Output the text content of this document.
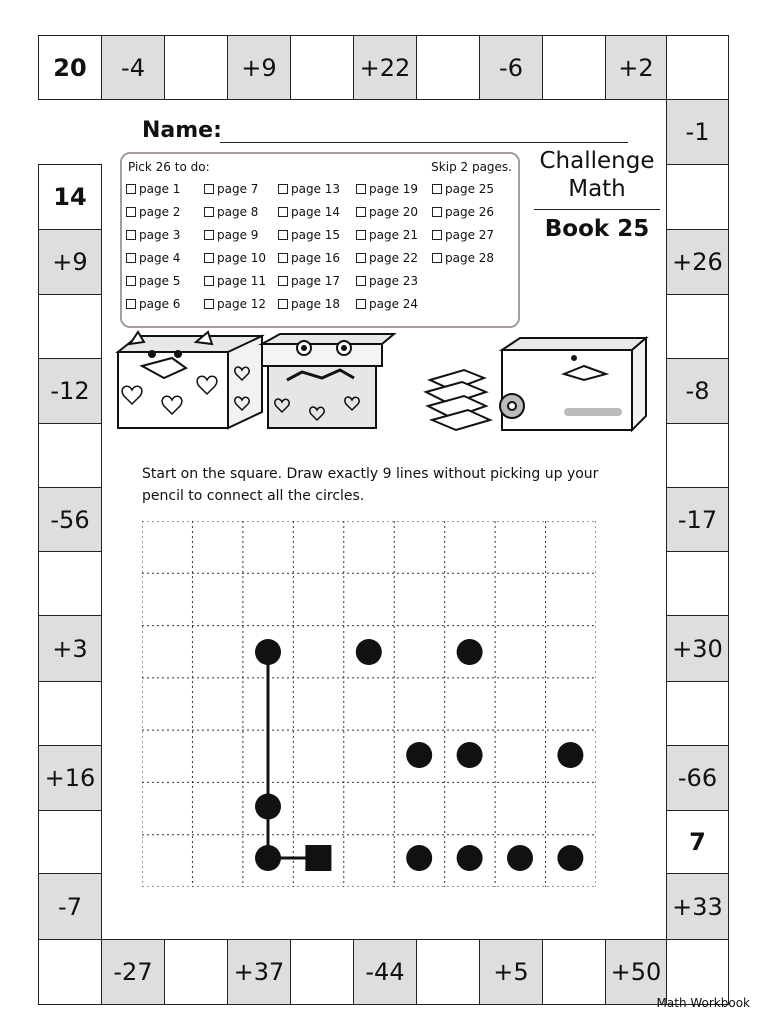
20	-4	+9	+22	-6	+2
-1
+26
-8
-17
+30
-66
7
+33
-27	+37	-44	+5	+50
14
+9
-12
-56
+3
+16
-7
Name:
Pick 26 to do:	Skip 2 pages.
page 1
page 2
page 3
page 4
page 5
page 6
page 7
page 8
page 9
page 10
page 11
page 12
page 13
page 14
page 15
page 16
page 17
page 18
page 19
page 20
page 21
page 22
page 23
page 24
page 25
page 26
page 27
page 28
Challenge
Math
Book 25
Start on the square. Draw exactly 9 lines without picking up your pencil to connect all the circles.
Math Workbook
